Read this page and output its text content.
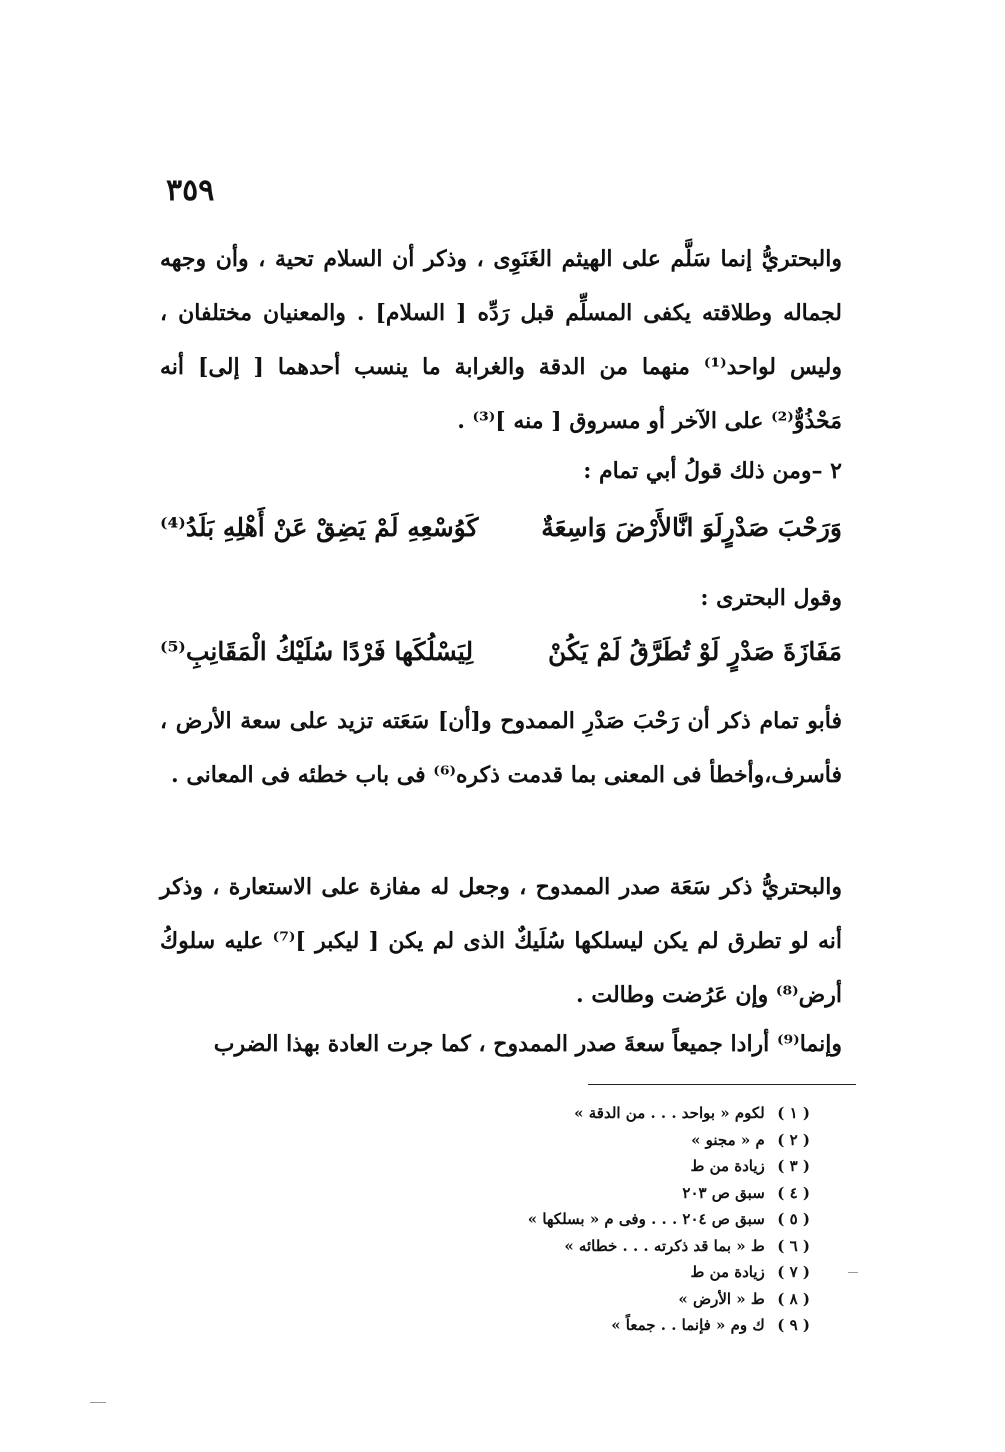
٣٥٩

والبحتريُّ إنما سَلَّم على الهيثم الغَنَوِى ، وذكر أن السلام تحية ، وأن وجهه لجماله وطلاقته يكفى المسلِّم قبل رَدِّه [ السلام] . والمعنيان مختلفان ، وليس لواحد⁽¹⁾ منهما من الدقة والغرابة ما ينسب أحدهما [ إلى] أنه مَحْذُوٌّ⁽²⁾ على الآخر أو مسروق [ منه ]⁽³⁾ .

٢ –ومن ذلك قولُ أبي تمام :

وَرَحْبَ صَدْرٍلَوَ انَّالأَرْضَ وَاسِعَةٌ
كَوُسْعِهِ لَمْ يَضِقْ عَنْ أَهْلِهِ بَلَدُ⁽⁴⁾

وقول البحترى :

مَفَازَةَ صَدْرٍ لَوْ تُطَرَّقُ لَمْ يَكُنْ
لِيَسْلُكَها فَرْدًا سُلَيْكُ الْمَقَانِبِ⁽⁵⁾

فأبو تمام ذكر أن رَحْبَ صَدْرِ الممدوح و[أن] سَعَته تزيد على سعة الأرض ، فأسرف،وأخطأ فى المعنى بما قدمت ذكره⁽⁶⁾ فى باب خطئه فى المعانى .

والبحتريُّ ذكر سَعَة صدر الممدوح ، وجعل له مفازة على الاستعارة ، وذكر أنه لو تطرق لم يكن ليسلكها سُلَيكٌ الذى لم يكن [ ليكبر ]⁽⁷⁾ عليه سلوكُ أرض⁽⁸⁾ وإن عَرُضت وطالت .

وإنما⁽⁹⁾ أرادا جميعاً سعةَ صدر الممدوح ، كما جرت العادة بهذا الضرب

( ١ ) لكوم « بواحد . . . من الدقة »
( ٢ ) م « مجنو »
( ٣ ) زيادة من ط
( ٤ ) سبق ص ٢٠٣
( ٥ ) سبق ص ٢٠٤ . . . وفى م « بسلكها »
( ٦ ) ط « بما قد ذكرته . . . خطائه »
( ٧ ) زيادة من ط
( ٨ ) ط « الأرض »
( ٩ ) ك وم « فإنما . . جمعاً »
